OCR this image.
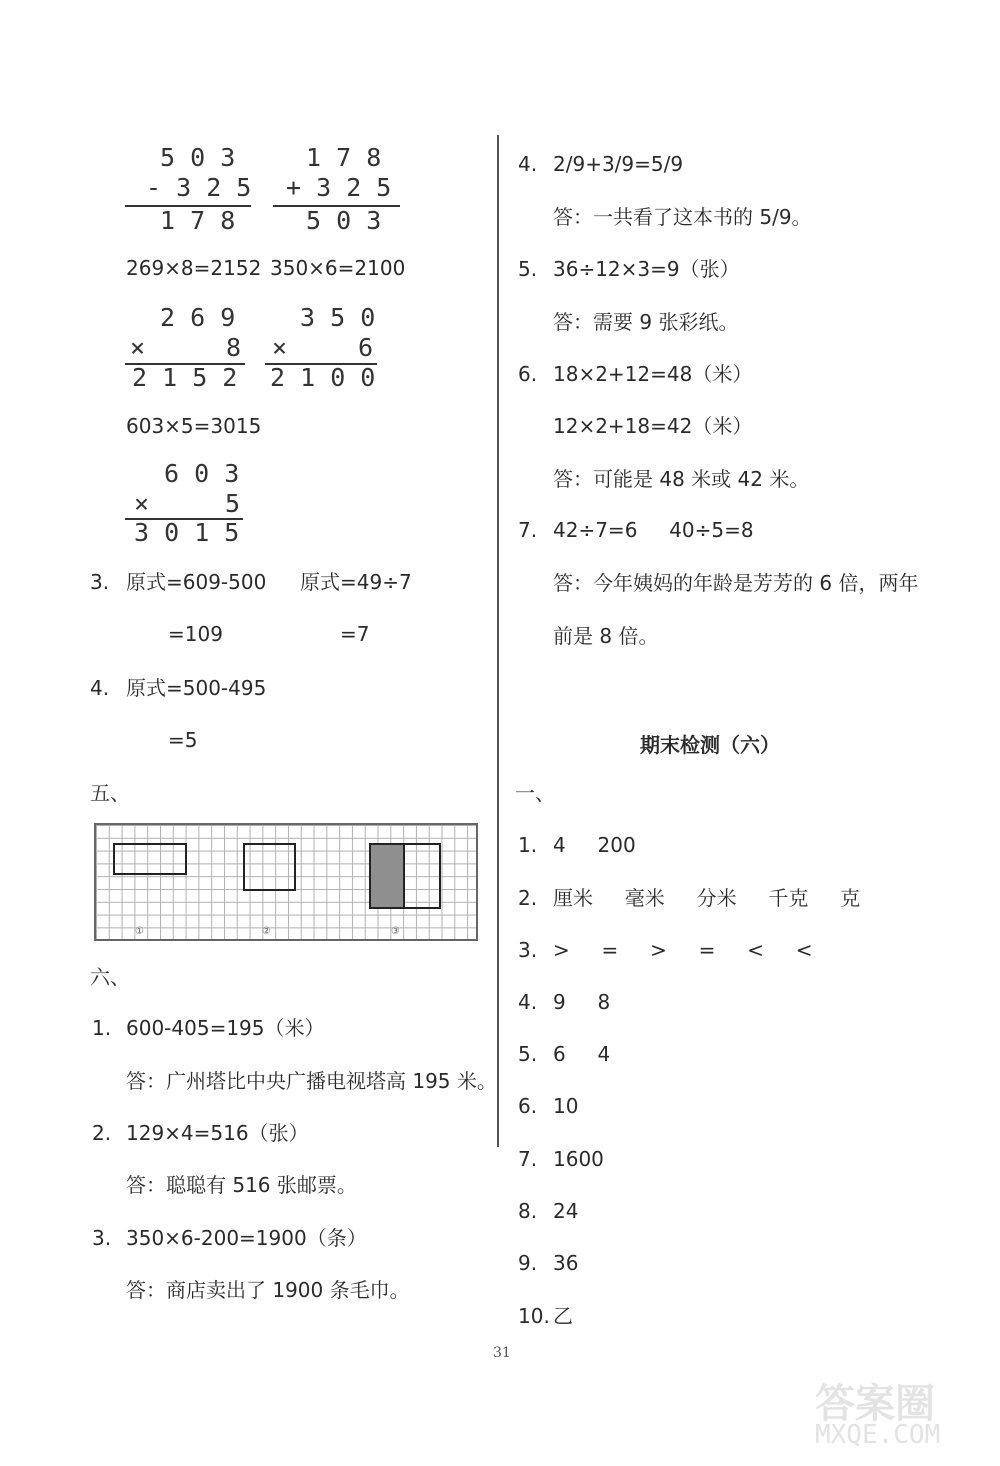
5 0 3
- 3 2 5
1 7 8
1 7 8
+ 3 2 5
5 0 3
269×8=2152 350×6=2100
2 6 9
×	8
2 1 5 2
3 5 0
×	6
2 1 0 0
603×5=3015
6 0 3
×	5
3 0 1 5
3. 原式=609-500 原式=49÷7
=109	=7
4. 原式=500-495
=5
五、
①	②	③
六、
1. 600-405=195（米）
答：广州塔比中央广播电视塔高 195 米。
2. 129×4=516（张）
答：聪聪有 516 张邮票。
3. 350×6-200=1900（条）
答：商店卖出了 1900 条毛巾。
4. 2/9+3/9=5/9
答：一共看了这本书的 5/9。
5. 36÷12×3=9（张）
答：需要 9 张彩纸。
6. 18×2+12=48（米）
12×2+18=42（米）
答：可能是 48 米或 42 米。
7. 42÷7=6     40÷5=8
答：今年姨妈的年龄是芳芳的 6 倍，两年
前是 8 倍。
期末检测（六）
一、
1. 4     200
2. 厘米     毫米     分米     千克     克
3. >     =     >     =     <     <
4. 9     8
5. 6     4
6. 10
7. 1600
8. 24
9. 36
10. 乙
31
答案圈
MXQE.COM
